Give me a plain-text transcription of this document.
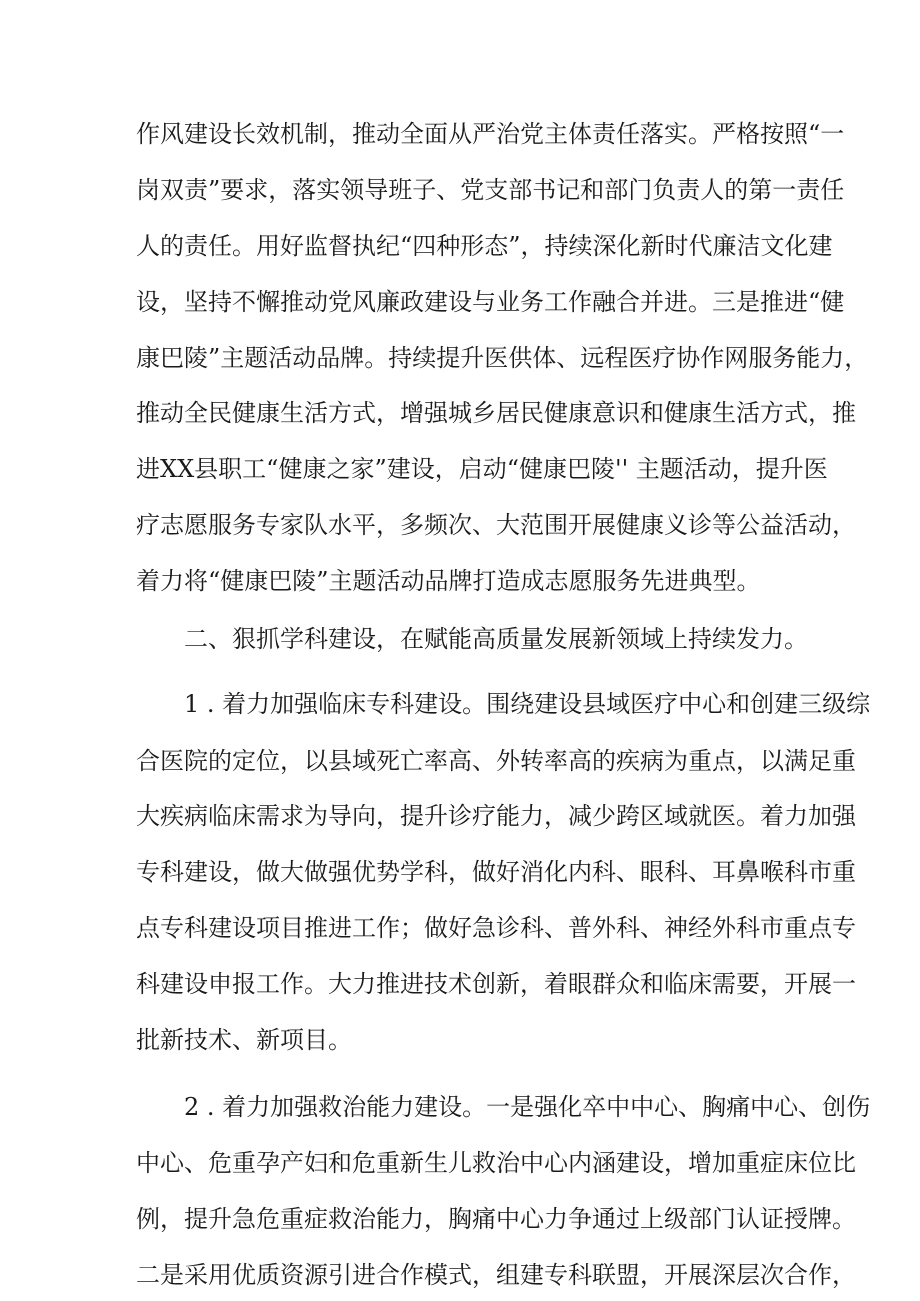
作风建设长效机制，推动全面从严治党主体责任落实。严格按照“一
岗双责”要求，落实领导班子、党支部书记和部门负责人的第一责任
人的责任。用好监督执纪“四种形态”，持续深化新时代廉洁文化建
设，坚持不懈推动党风廉政建设与业务工作融合并进。三是推进“健
康巴陵”主题活动品牌。持续提升医供体、远程医疗协作网服务能力，
推动全民健康生活方式，增强城乡居民健康意识和健康生活方式，推
进XX县职工“健康之家”建设，启动“健康巴陵'' 主题活动，提升医
疗志愿服务专家队水平，多频次、大范围开展健康义诊等公益活动，
着力将“健康巴陵”主题活动品牌打造成志愿服务先进典型。
二、狠抓学科建设，在赋能高质量发展新领域上持续发力。
1 . 着力加强临床专科建设。围绕建设县域医疗中心和创建三级综
合医院的定位，以县域死亡率高、外转率高的疾病为重点，以满足重
大疾病临床需求为导向，提升诊疗能力，减少跨区域就医。着力加强
专科建设，做大做强优势学科，做好消化内科、眼科、耳鼻喉科市重
点专科建设项目推进工作；做好急诊科、普外科、神经外科市重点专
科建设申报工作。大力推进技术创新，着眼群众和临床需要，开展一
批新技术、新项目。
2 . 着力加强救治能力建设。一是强化卒中中心、胸痛中心、创伤
中心、危重孕产妇和危重新生儿救治中心内涵建设，增加重症床位比
例，提升急危重症救治能力，胸痛中心力争通过上级部门认证授牌。
二是采用优质资源引进合作模式，组建专科联盟，开展深层次合作，
